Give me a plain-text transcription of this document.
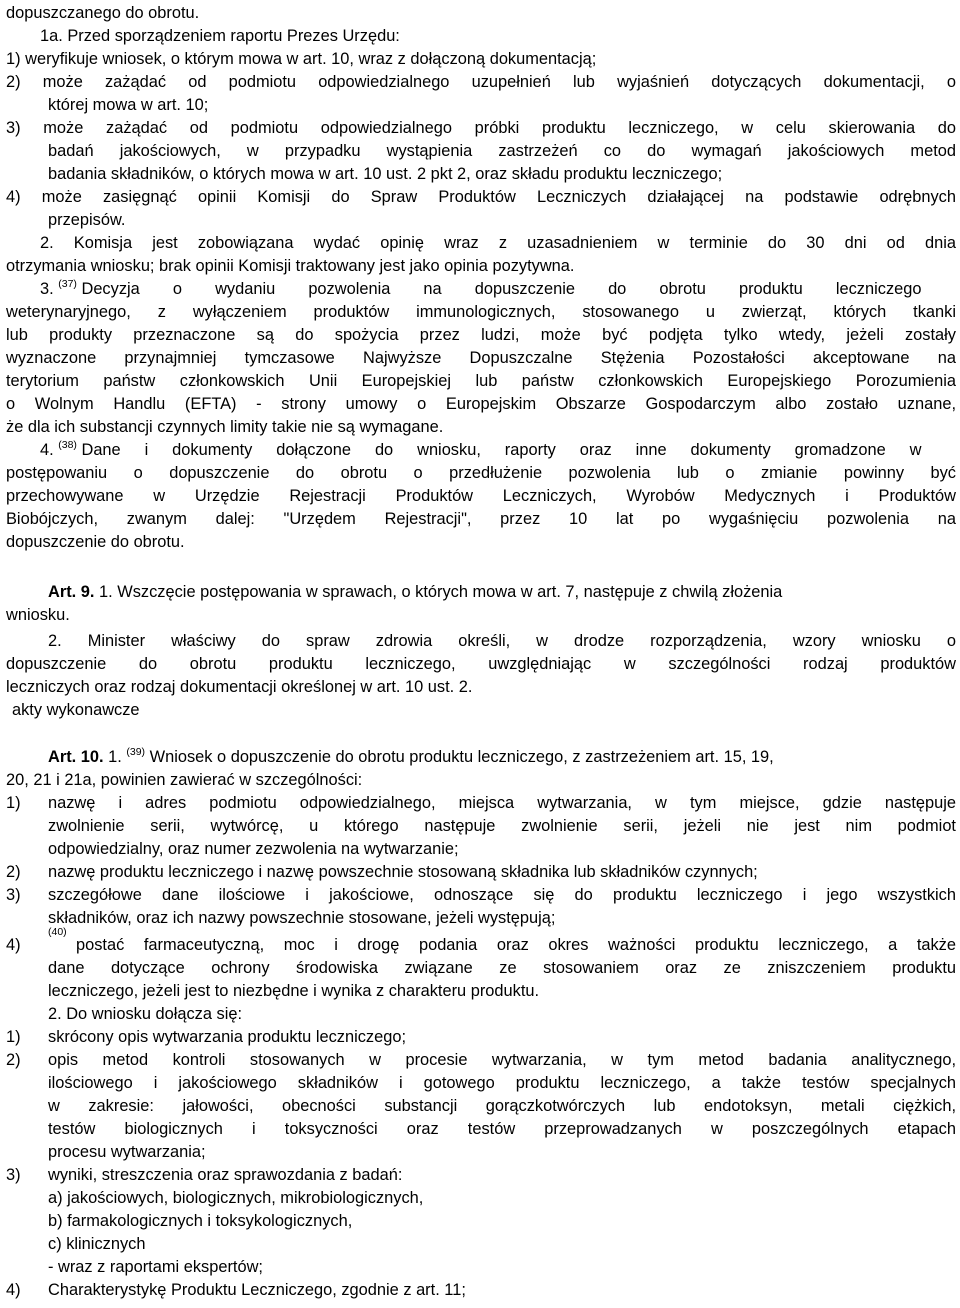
dopuszczanego do obrotu.
1a. Przed sporządzeniem raportu Prezes Urzędu:
1) weryfikuje wniosek, o którym mowa w art. 10, wraz z dołączoną dokumentacją;
2) może zażądać od podmiotu odpowiedzialnego uzupełnień lub wyjaśnień dotyczących dokumentacji, o
której mowa w art. 10;
3) może zażądać od podmiotu odpowiedzialnego próbki produktu leczniczego, w celu skierowania do
badań jakościowych, w przypadku wystąpienia zastrzeżeń co do wymagań jakościowych metod
badania składników, o których mowa w art. 10 ust. 2 pkt 2, oraz składu produktu leczniczego;
4) może zasięgnąć opinii Komisji do Spraw Produktów Leczniczych działającej na podstawie odrębnych
przepisów.
2. Komisja jest zobowiązana wydać opinię wraz z uzasadnieniem w terminie do 30 dni od dnia
otrzymania wniosku; brak opinii Komisji traktowany jest jako opinia pozytywna.
3. $^{(37)}$ Decyzja o wydaniu pozwolenia na dopuszczenie do obrotu produktu leczniczego
weterynaryjnego, z wyłączeniem produktów immunologicznych, stosowanego u zwierząt, których tkanki
lub produkty przeznaczone są do spożycia przez ludzi, może być podjęta tylko wtedy, jeżeli zostały
wyznaczone przynajmniej tymczasowe Najwyższe Dopuszczalne Stężenia Pozostałości akceptowane na
terytorium państw członkowskich Unii Europejskiej lub państw członkowskich Europejskiego Porozumienia
o Wolnym Handlu (EFTA) - strony umowy o Europejskim Obszarze Gospodarczym albo zostało uznane,
że dla ich substancji czynnych limity takie nie są wymagane.
4. $^{(38)}$ Dane i dokumenty dołączone do wniosku, raporty oraz inne dokumenty gromadzone w
postępowaniu o dopuszczenie do obrotu o przedłużenie pozwolenia lub o zmianie powinny być
przechowywane w Urzędzie Rejestracji Produktów Leczniczych, Wyrobów Medycznych i Produktów
Biobójczych, zwanym dalej: "Urzędem Rejestracji", przez 10 lat po wygaśnięciu pozwolenia na
dopuszczenie do obrotu.
Art. 9. 1. Wszczęcie postępowania w sprawach, o których mowa w art. 7, następuje z chwilą złożenia
wniosku.
2. Minister właściwy do spraw zdrowia określi, w drodze rozporządzenia, wzory wniosku o
dopuszczenie do obrotu produktu leczniczego, uwzględniając w szczególności rodzaj produktów
leczniczych oraz rodzaj dokumentacji określonej w art. 10 ust. 2.
akty wykonawcze
Art. 10. 1. $^{(39)}$ Wniosek o dopuszczenie do obrotu produktu leczniczego, z zastrzeżeniem art. 15, 19,
20, 21 i 21a, powinien zawierać w szczególności:
1) nazwę i adres podmiotu odpowiedzialnego, miejsca wytwarzania, w tym miejsce, gdzie następuje
zwolnienie serii, wytwórcę, u którego następuje zwolnienie serii, jeżeli nie jest nim podmiot
odpowiedzialny, oraz numer zezwolenia na wytwarzanie;
2) nazwę produktu leczniczego i nazwę powszechnie stosowaną składnika lub składników czynnych;
3) szczegółowe dane ilościowe i jakościowe, odnoszące się do produktu leczniczego i jego wszystkich
składników, oraz ich nazwy powszechnie stosowane, jeżeli występują;
4)
(40)
postać farmaceutyczną, moc i drogę podania oraz okres ważności produktu leczniczego, a także
dane dotyczące ochrony środowiska związane ze stosowaniem oraz ze zniszczeniem produktu
leczniczego, jeżeli jest to niezbędne i wynika z charakteru produktu.
2. Do wniosku dołącza się:
1) skrócony opis wytwarzania produktu leczniczego;
2) opis metod kontroli stosowanych w procesie wytwarzania, w tym metod badania analitycznego,
ilościowego i jakościowego składników i gotowego produktu leczniczego, a także testów specjalnych
w zakresie: jałowości, obecności substancji gorączkotwórczych lub endotoksyn, metali ciężkich,
testów biologicznych i toksyczności oraz testów przeprowadzanych w poszczególnych etapach
procesu wytwarzania;
3) wyniki, streszczenia oraz sprawozdania z badań:
a) jakościowych, biologicznych, mikrobiologicznych,
b) farmakologicznych i toksykologicznych,
c) klinicznych
- wraz z raportami ekspertów;
4) Charakterystykę Produktu Leczniczego, zgodnie z art. 11;
